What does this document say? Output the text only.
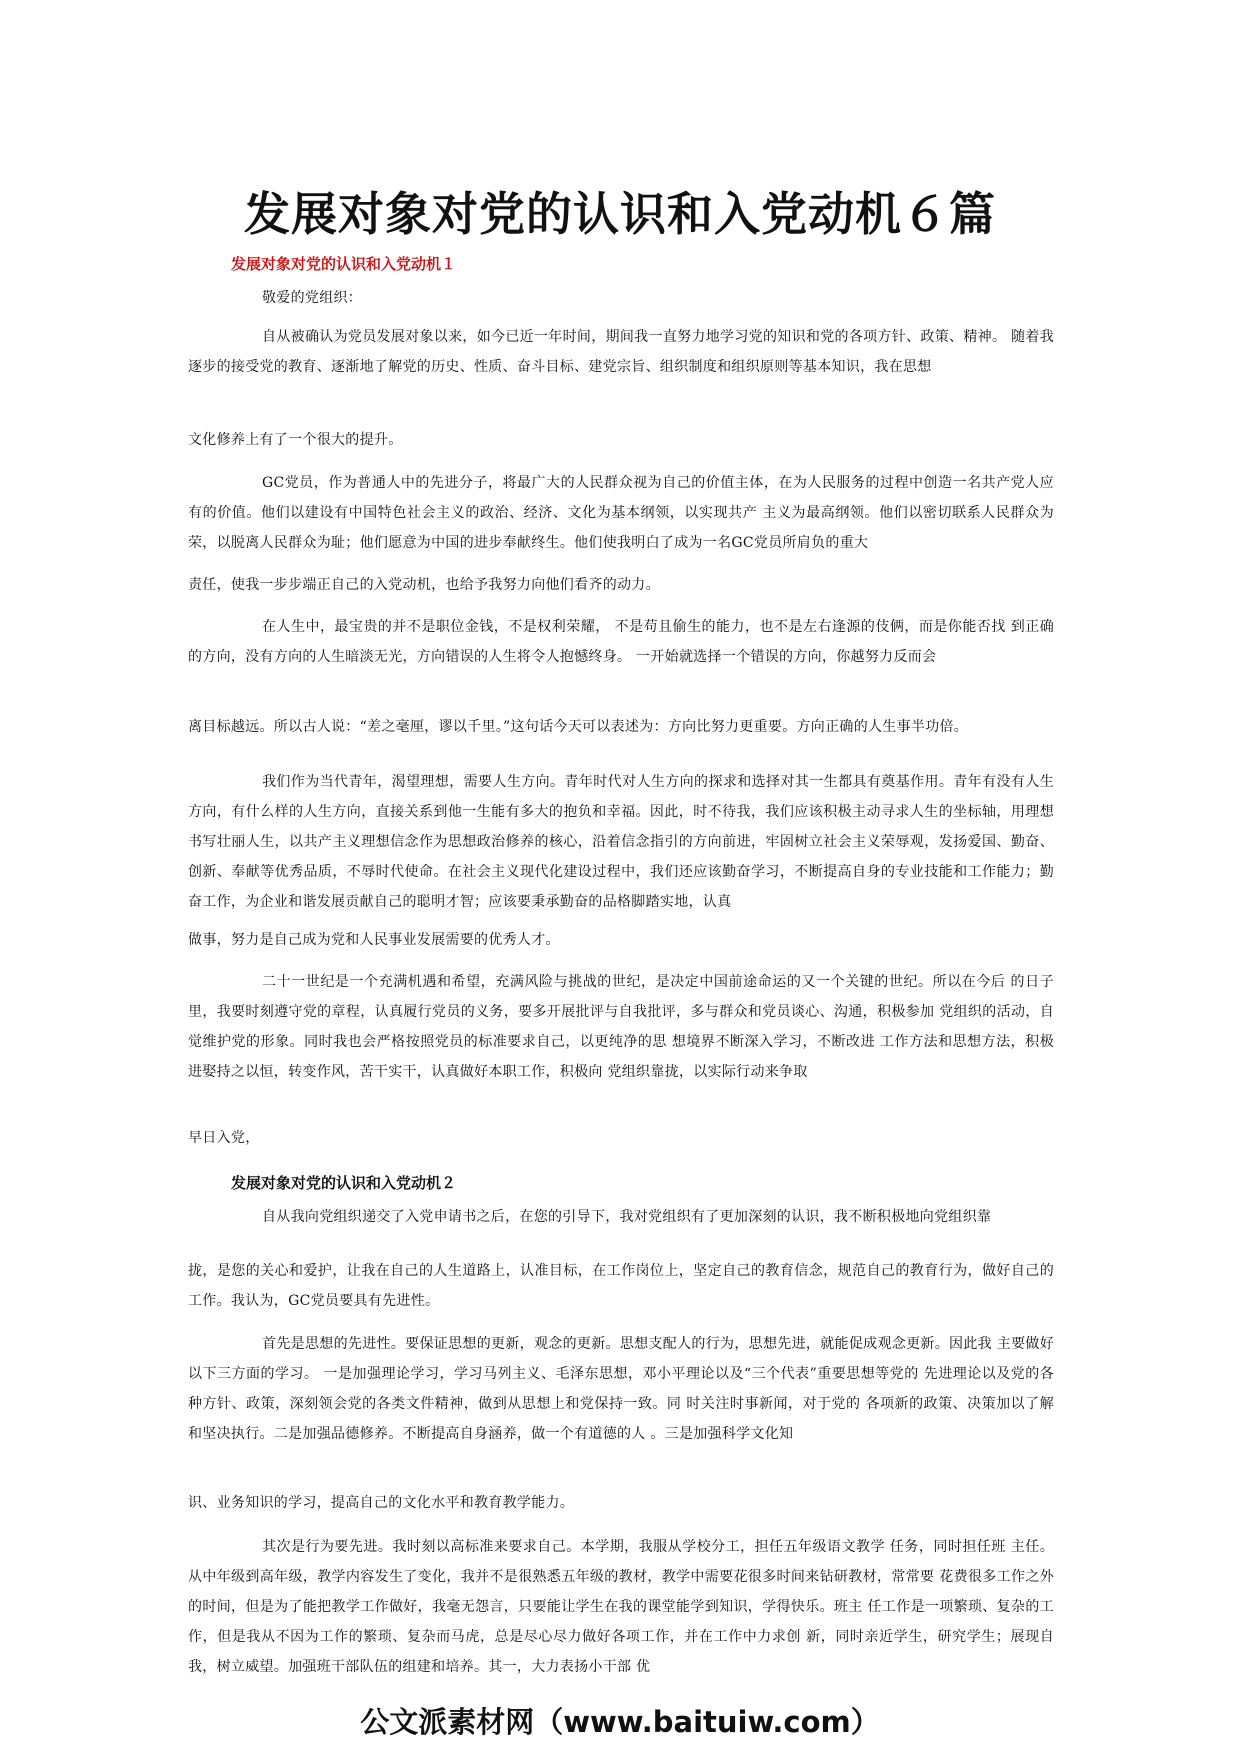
发展对象对党的认识和入党动机６篇
发展对象对党的认识和入党动机１
敬爱的党组织：
自从被确认为党员发展对象以来，如今已近一年时间，期间我一直努力地学习党的知识和党的各项方针、政策、精神。 随着我逐步的接受党的教育、逐渐地了解党的历史、性质、奋斗目标、建党宗旨、组织制度和组织原则等基本知识，我在思想
文化修养上有了一个很大的提升。
GC党员，作为普通人中的先进分子，将最广大的人民群众视为自己的价值主体，在为人民服务的过程中创造一名共产党人应有的价值。他们以建设有中国特色社会主义的政治、经济、文化为基本纲领，以实现共产 主义为最高纲领。他们以密切联系人民群众为荣，以脱离人民群众为耻；他们愿意为中国的进步奉献终生。他们使我明白了成为一名GC党员所肩负的重大
责任，使我一步步端正自己的入党动机，也给予我努力向他们看齐的动力。
在人生中，最宝贵的并不是职位金钱，不是权利荣耀， 不是苟且偷生的能力，也不是左右逢源的伎俩，而是你能否找 到正确的方向，没有方向的人生暗淡无光，方向错误的人生将令人抱憾终身。 一开始就选择一个错误的方向，你越努力反而会
离目标越远。所以古人说：“差之毫厘，谬以千里。”这句话今天可以表述为：方向比努力更重要。方向正确的人生事半功倍。
我们作为当代青年，渴望理想，需要人生方向。青年时代对人生方向的探求和选择对其一生都具有奠基作用。青年有没有人生方向，有什么样的人生方向，直接关系到他一生能有多大的抱负和幸福。因此，时不待我，我们应该积极主动寻求人生的坐标轴，用理想书写壮丽人生，以共产主义理想信念作为思想政治修养的核心，沿着信念指引的方向前进，牢固树立社会主义荣辱观，发扬爱国、勤奋、创新、奉献等优秀品质，不辱时代使命。在社会主义现代化建设过程中，我们还应该勤奋学习，不断提高自身的专业技能和工作能力；勤奋工作，为企业和谐发展贡献自己的聪明才智；应该要秉承勤奋的品格脚踏实地，认真
做事，努力是自己成为党和人民事业发展需要的优秀人才。
二十一世纪是一个充满机遇和希望，充满风险与挑战的世纪，是决定中国前途命运的又一个关键的世纪。所以在今后 的日子里，我要时刻遵守党的章程，认真履行党员的义务，要多开展批评与自我批评，多与群众和党员谈心、沟通，积极参加 党组织的活动，自觉维护党的形象。同时我也会严格按照党员的标准要求自己，以更纯净的思 想境界不断深入学习，不断改进 工作方法和思想方法，积极进娶持之以恒，转变作风，苦干实干，认真做好本职工作，积极向 党组织靠拢，以实际行动来争取
早日入党，
发展对象对党的认识和入党动机２
自从我向党组织递交了入党申请书之后，在您的引导下，我对党组织有了更加深刻的认识，我不断积极地向党组织靠
拢，是您的关心和爱护，让我在自己的人生道路上，认准目标，在工作岗位上，坚定自己的教育信念，规范自己的教育行为，做好自己的工作。我认为，GC党员要具有先进性。
首先是思想的先进性。要保证思想的更新，观念的更新。思想支配人的行为，思想先进，就能促成观念更新。因此我 主要做好以下三方面的学习。 一是加强理论学习，学习马列主义、毛泽东思想，邓小平理论以及“三个代表”重要思想等党的 先进理论以及党的各种方针、政策，深刻领会党的各类文件精神，做到从思想上和党保持一致。同 时关注时事新闻，对于党的 各项新的政策、决策加以了解和坚决执行。二是加强品德修养。不断提高自身涵养，做一个有道德的人 。三是加强科学文化知
识、业务知识的学习，提高自己的文化水平和教育教学能力。
其次是行为要先进。我时刻以高标准来要求自己。本学期，我服从学校分工，担任五年级语文教学 任务，同时担任班 主任。从中年级到高年级，教学内容发生了变化，我并不是很熟悉五年级的教材，教学中需要花很多时间来钻研教材，常常要 花费很多工作之外的时间，但是为了能把教学工作做好，我毫无怨言，只要能让学生在我的课堂能学到知识，学得快乐。班主 任工作是一项繁琐、复杂的工作，但是我从不因为工作的繁琐、复杂而马虎，总是尽心尽力做好各项工作，并在工作中力求创 新，同时亲近学生，研究学生；展现自我，树立威望。加强班干部队伍的组建和培养。其一，大力表扬小干部 优
公文派素材网（www.baituiw.com）
